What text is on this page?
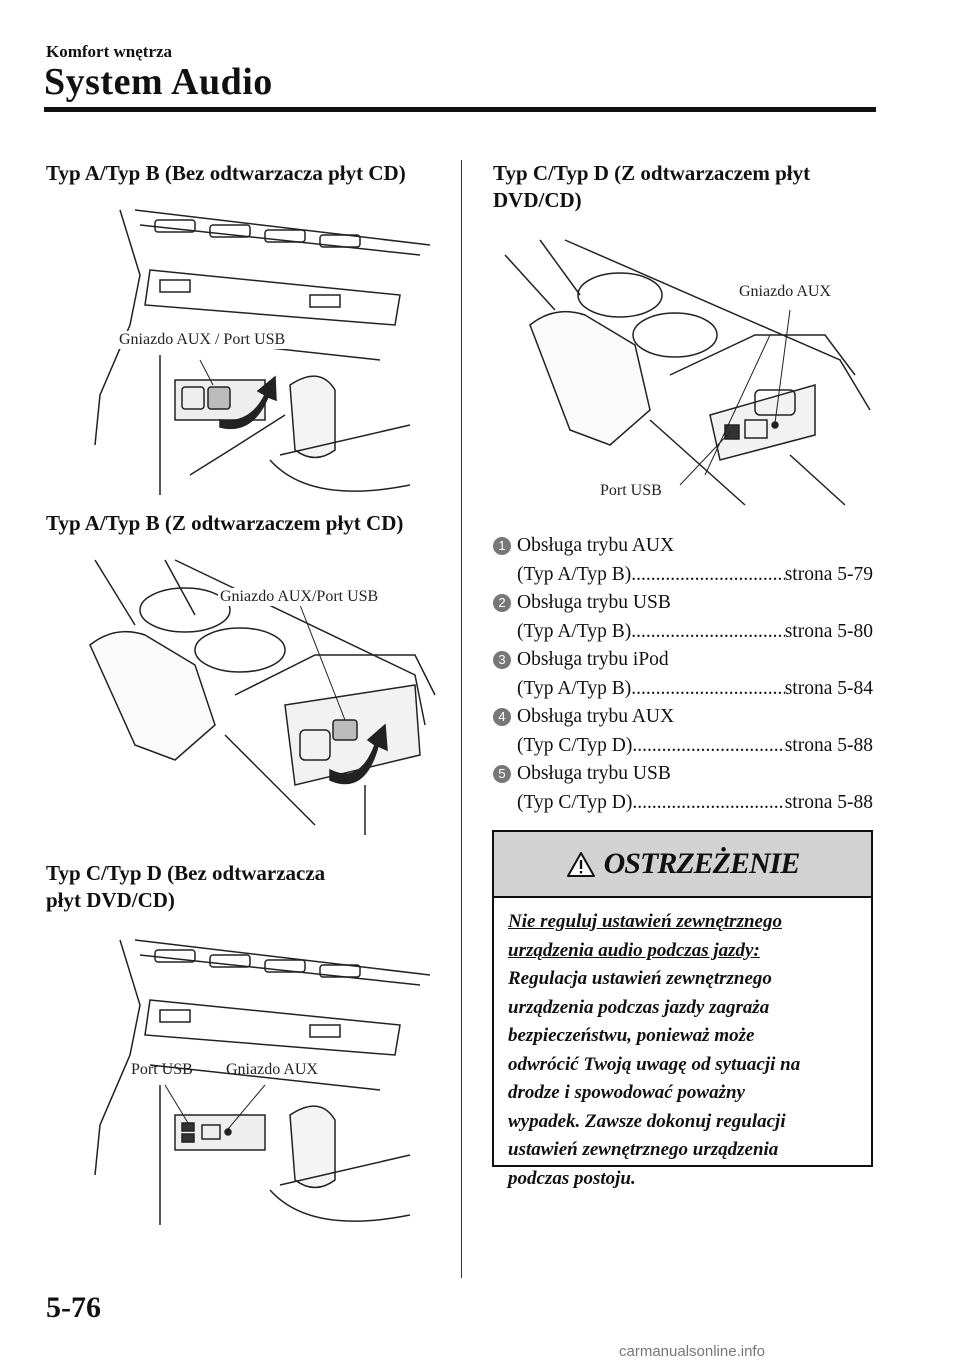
Komfort wnętrza
System Audio
Typ A/Typ B (Bez odtwarzacza płyt CD)
Gniazdo AUX / Port USB
Typ A/Typ B (Z odtwarzaczem płyt CD)
Gniazdo AUX/Port USB
Typ C/Typ D (Bez odtwarzacza
płyt DVD/CD)
Port USB Gniazdo AUX
Typ C/Typ D (Z odtwarzaczem płyt
DVD/CD)
Gniazdo AUX
Port USB
1 Obsługa trybu AUX
(Typ A/Typ B) .....	strona 5-79
2 Obsługa trybu USB
(Typ A/Typ B) .....	strona 5-80
3 Obsługa trybu iPod
(Typ A/Typ B) .....	strona 5-84
4 Obsługa trybu AUX
(Typ C/Typ D) .....	strona 5-88
5 Obsługa trybu USB
(Typ C/Typ D) .....	strona 5-88
OSTRZEŻENIE
Nie reguluj ustawień zewnętrznego
urządzenia audio podczas jazdy:
Regulacja ustawień zewnętrznego
urządzenia podczas jazdy zagraża
bezpieczeństwu, ponieważ może
odwrócić Twoją uwagę od sytuacji na
drodze i spowodować poważny
wypadek. Zawsze dokonuj regulacji
ustawień zewnętrznego urządzenia
podczas postoju.
5-76
carmanualsonline.info
